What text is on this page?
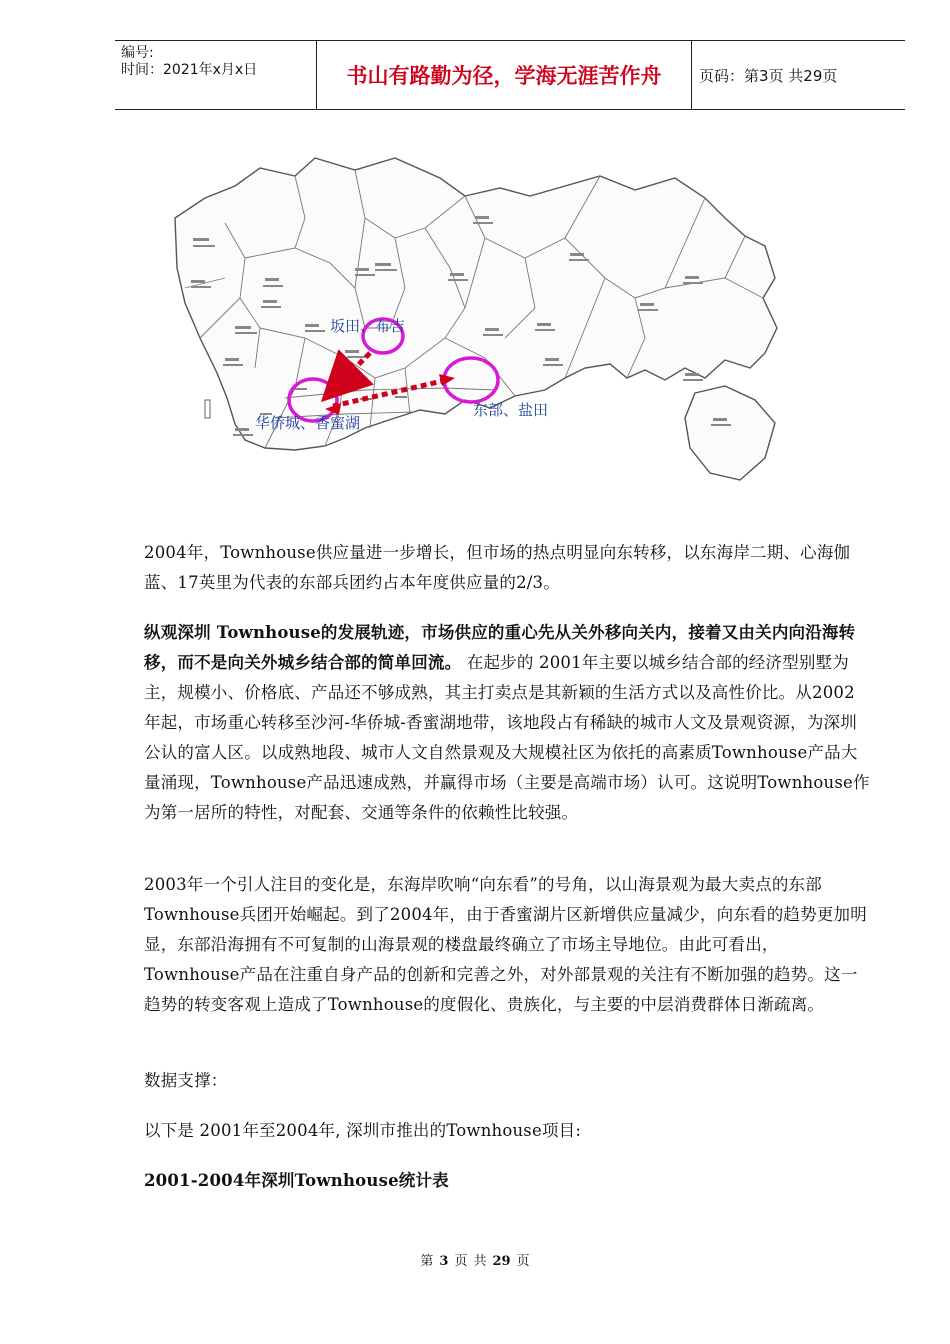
编号:
时间：2021年x月x日	书山有路勤为径，学海无涯苦作舟	页码：第3页 共29页
坂田、布吉
华侨城、香蜜湖
东部、盐田

2004年，Townhouse供应量进一步增长，但市场的热点明显向东转移，以东海岸二期、心海伽蓝、17英里为代表的东部兵团约占本年度供应量的2/3。

纵观深圳 Townhouse的发展轨迹，市场供应的重心先从关外移向关内，接着又由关内向沿海转移，而不是向关外城乡结合部的简单回流。 在起步的 2001年主要以城乡结合部的经济型别墅为主，规模小、价格底、产品还不够成熟，其主打卖点是其新颖的生活方式以及高性价比。从2002年起，市场重心转移至沙河-华侨城-香蜜湖地带，该地段占有稀缺的城市人文及景观资源，为深圳公认的富人区。以成熟地段、城市人文自然景观及大规模社区为依托的高素质Townhouse产品大量涌现，Townhouse产品迅速成熟，并赢得市场（主要是高端市场）认可。这说明Townhouse作为第一居所的特性，对配套、交通等条件的依赖性比较强。

2003年一个引人注目的变化是，东海岸吹响“向东看”的号角，以山海景观为最大卖点的东部Townhouse兵团开始崛起。到了2004年，由于香蜜湖片区新增供应量减少，向东看的趋势更加明显，东部沿海拥有不可复制的山海景观的楼盘最终确立了市场主导地位。由此可看出，Townhouse产品在注重自身产品的创新和完善之外，对外部景观的关注有不断加强的趋势。这一趋势的转变客观上造成了Townhouse的度假化、贵族化，与主要的中层消费群体日渐疏离。

数据支撑：

以下是 2001年至2004年, 深圳市推出的Townhouse项目:

2001-2004年深圳Townhouse统计表

第 3 页 共 29 页
